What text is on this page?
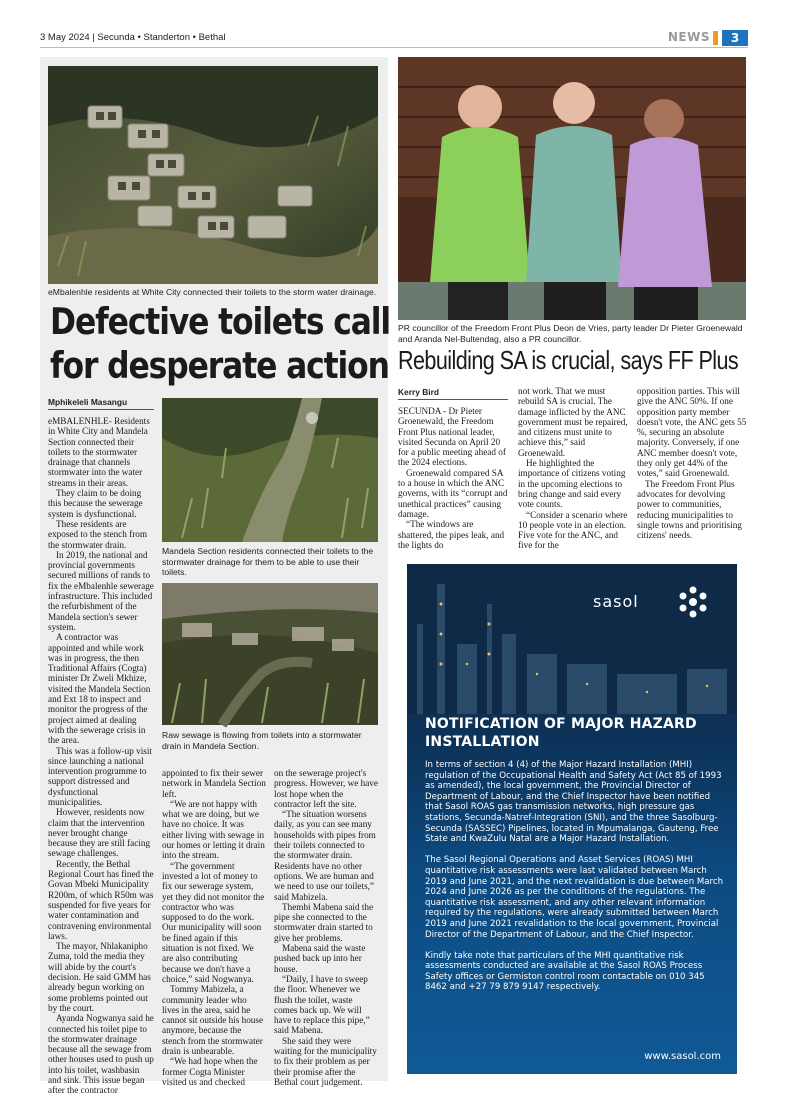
3 May 2024 | Secunda • Standerton • Bethal	NEWS	3
eMbalenhle residents at White City connected their toilets to the storm water drainage.
Defective toilets call
for desperate action
Mphikeleli Masangu

eMBALENHLE- Residents in White City and Mandela Section connected their toilets to the stormwater drainage that channels stormwater into the water streams in their areas.

They claim to be doing this because the sewerage system is dysfunctional.

These residents are exposed to the stench from the stormwater drain.

In 2019, the national and provincial governments secured millions of rands to fix the eMbalenhle sewerage infrastructure. This included the refurbishment of the Mandela section's sewer system.

A contractor was appointed and while work was in progress, the then Traditional Affairs (Cogta) minister Dr Zweli Mkhize, visited the Mandela Section and Ext 18 to inspect and monitor the progress of the project aimed at dealing with the sewerage crisis in the area.

This was a follow-up visit since launching a national intervention programme to support distressed and dysfunctional municipalities.

However, residents now claim that the intervention never brought change because they are still facing sewage challenges.

Recently, the Bethal Regional Court has fined the Govan Mbeki Municipality R200m, of which R50m was suspended for five years for water contamination and contravening environmental laws.

The mayor, Nhlakanipho Zuma, told the media they will abide by the court's decision. He said GMM has already begun working on some problems pointed out by the court.

Ayanda Nogwanya said he connected his toilet pipe to the stormwater drainage because all the sewage from other houses used to push up into his toilet, washbasin and sink. This issue began after the contractor

Mandela Section residents connected their toilets to the stormwater drainage for them to be able to use their toilets.
Raw sewage is flowing from toilets into a stormwater drain in Mandela Section.

appointed to fix their sewer network in Mandela Section left.

“We are not happy with what we are doing, but we have no choice. It was either living with sewage in our homes or letting it drain into the stream.

“The government invested a lot of money to fix our sewerage system, yet they did not monitor the contractor who was supposed to do the work. Our municipality will soon be fined again if this situation is not fixed. We are also contributing because we don't have a choice,” said Nogwanya.

Tommy Mabizela, a community leader who lives in the area, said he cannot sit outside his house anymore, because the stench from the stormwater drain is unbearable.

“We had hope when the former Cogta Minister visited us and checked

on the sewerage project's progress. However, we have lost hope when the contractor left the site.

“The situation worsens daily, as you can see many households with pipes from their toilets connected to the stormwater drain. Residents have no other options. We are human and we need to use our toilets,” said Mabizela.

Thembi Mabena said the pipe she connected to the stormwater drain started to give her problems.

Mabena said the waste pushed back up into her house.

“Daily, I have to sweep the floor. Whenever we flush the toilet, waste comes back up. We will have to replace this pipe,” said Mabena.

She said they were waiting for the municipality to fix their problem as per their promise after the Bethal court judgement.

PR councillor of the Freedom Front Plus Deon de Vries, party leader Dr Pieter Groenewald and Aranda Nel-Bultendag, also a PR councillor.
Rebuilding SA is crucial, says FF Plus
Kerry Bird

SECUNDA - Dr Pieter Groenewald, the Freedom Front Plus national leader, visited Secunda on April 20 for a public meeting ahead of the 2024 elections.

Groenewald compared SA to a house in which the ANC governs, with its “corrupt and unethical practices” causing damage.

“The windows are shattered, the pipes leak, and the lights do

not work. That we must rebuild SA is crucial. The damage inflicted by the ANC government must be repaired, and citizens must unite to achieve this,” said Groenewald.

He highlighted the importance of citizens voting in the upcoming elections to bring change and said every vote counts.

“Consider a scenario where 10 people vote in an election. Five vote for the ANC, and five for the

opposition parties. This will give the ANC 50%. If one opposition party member doesn't vote, the ANC gets 55 %, securing an absolute majority. Conversely, if one ANC member doesn't vote, they only get 44% of the votes,” said Groenewald.

The Freedom Front Plus advocates for devolving power to communities, reducing municipalities to single towns and prioritising citizens' needs.

sasol
NOTIFICATION OF MAJOR HAZARD INSTALLATION

In terms of section 4 (4) of the Major Hazard Installation (MHI) regulation of the Occupational Health and Safety Act (Act 85 of 1993 as amended), the local government, the Provincial Director of Department of Labour, and the Chief Inspector have been notified that Sasol ROAS gas transmission networks, high pressure gas stations, Secunda-Natref-Integration (SNI), and the three Sasolburg-Secunda (SASSEC) Pipelines, located in Mpumalanga, Gauteng, Free State and KwaZulu Natal are a Major Hazard Installation.

The Sasol Regional Operations and Asset Services (ROAS) MHI quantitative risk assessments were last validated between March 2019 and June 2021, and the next revalidation is due between March 2024 and June 2026 as per the conditions of the regulations. The quantitative risk assessment, and any other relevant information required by the regulations, were already submitted between March 2019 and June 2021 revalidation to the local government, Provincial Director of the Department of Labour, and the Chief Inspector.

Kindly take note that particulars of the MHI quantitative risk assessments conducted are available at the Sasol ROAS Process Safety offices or Germiston control room contactable on 010 345 8462 and +27 79 879 9147 respectively.

www.sasol.com
